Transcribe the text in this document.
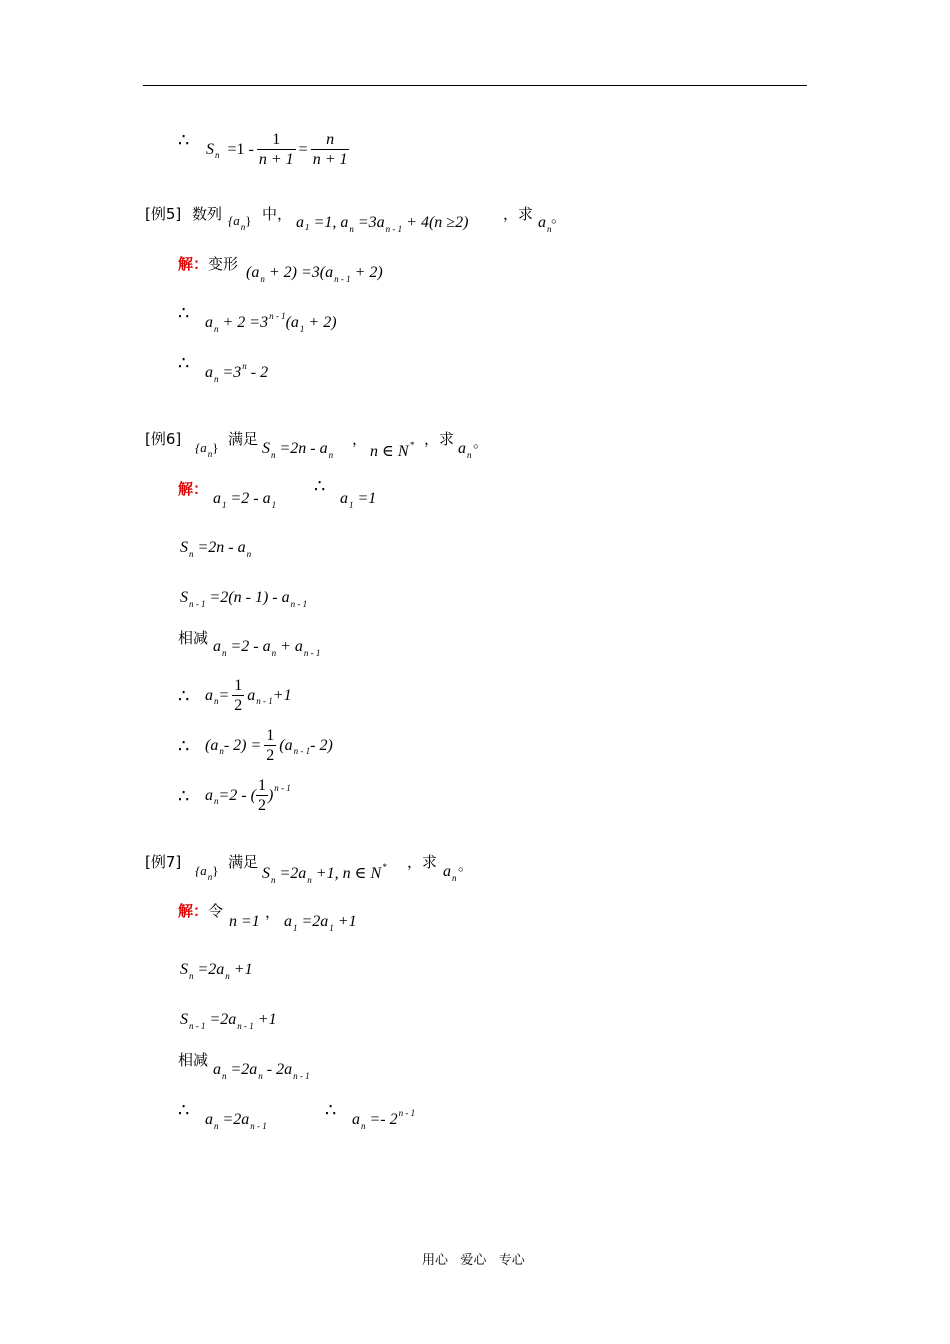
∴ S $n =1 - \frac{1}{n + 1} = \frac{n}{n + 1}$
[例5] 数列 $\{a_n\}$ 中， a₁ =1, $a_n =3a_{n - 1} + 4(n \ge 2)$ ，求 $a_n$
。
解：变形 $(a_n + 2) =3(a_{n - 1} + 2)$
∴ $a_n + 2 =3^{n - 1}(a_1 + 2)$
∴ $a_n =3^n - 2$
[例6] $\{a_n\}$ 满足
$S_n =2n - a_n$
，
n ∈ N* ，求
$a_n$
。
解：
$a_1 =2 - a_1$
∴
$a_1 =1$
$S_n =2n - a_n$
$S_{n - 1} =2(n - 1) - a_{n - 1}$
相减 $a_n =2 - a_n + a_{n - 1}$
∴ a $n = \frac{1}{2}$ a n - 1 +1
∴ (a $n - 2) = \frac{1}{2} (a$ n - 1 - 2)
∴ a n =2 - ( $\frac{1}{2}$ ) n - 1
[例7] $\{a_n\}$ 满足
$S_n =2a_n +1$, n ∈ N* ，求
$a_n$
。
解：令
n =1
，
$a_1 =2a_1 +1$
$S_n =2a_n +1$
$S_{n - 1} =2a_{n - 1} +1$
相减
$a_n =2a_n - 2a_{n - 1}$
∴ $a_n =2a_{n - 1}$
∴ $a_n =- 2^{n - 1}$
用心   爱心   专心
